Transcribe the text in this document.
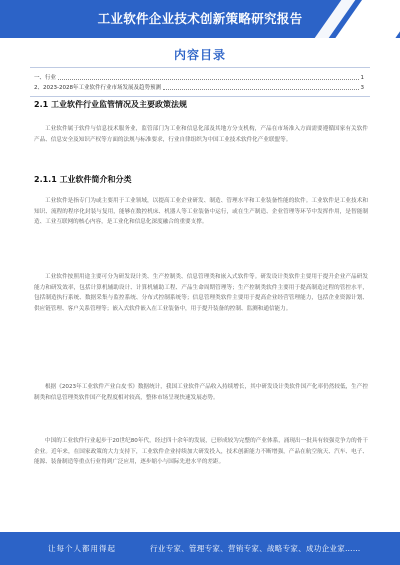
工业软件企业技术创新策略研究报告
内容目录
一、行业	1
2、2023-2028年工业软件行业市场发展及趋势预测	3
2.1 工业软件行业监管情况及主要政策法规
工业软件属于软件与信息技术服务业，监管部门为工业和信息化部及其地方分支机构，产品在市场准入方面需要遵循国家有关软件产品、信息安全及知识产权等方面的法规与标准要求，行业自律组织为中国工业技术软件化产业联盟等。
2.1.1 工业软件简介和分类
工业软件是指专门为或主要用于工业领域，以提高工业企业研发、制造、管理水平和工业装备性能的软件。工业软件是工业技术和知识、流程的程序化封装与复用，能够在数控机床、机器人等工业装备中运行，或在生产制造、企业管理等环节中发挥作用，是智能制造、工业互联网的核心内容，是工业化和信息化深度融合的重要支撑。
工业软件按照用途主要可分为研发设计类、生产控制类、信息管理类和嵌入式软件等。研发设计类软件主要用于提升企业产品研发能力和研发效率，包括计算机辅助设计、计算机辅助工程、产品生命周期管理等；生产控制类软件主要用于提高制造过程的管控水平，包括制造执行系统、数据采集与监控系统、分布式控制系统等；信息管理类软件主要用于提高企业经营管理能力，包括企业资源计划、供应链管理、客户关系管理等；嵌入式软件嵌入在工业装备中，用于提升装备的控制、监测和通信能力。
根据《2023年工业软件产业白皮书》数据统计，我国工业软件产品收入持续增长，其中研发设计类软件国产化率仍然较低，生产控制类和信息管理类软件国产化程度相对较高，整体市场呈现快速发展态势。
中国的工业软件行业起步于20世纪80年代，经过四十余年的发展，已形成较为完整的产业体系，涌现出一批具有较强竞争力的骨干企业。近年来，在国家政策的大力支持下，工业软件企业持续加大研发投入，技术创新能力不断增强，产品在航空航天、汽车、电子、能源、装备制造等重点行业得到广泛应用，逐步缩小与国际先进水平的差距。
让每个人都用得起	行业专家、管理专家、营销专家、战略专家、成功企业家……
